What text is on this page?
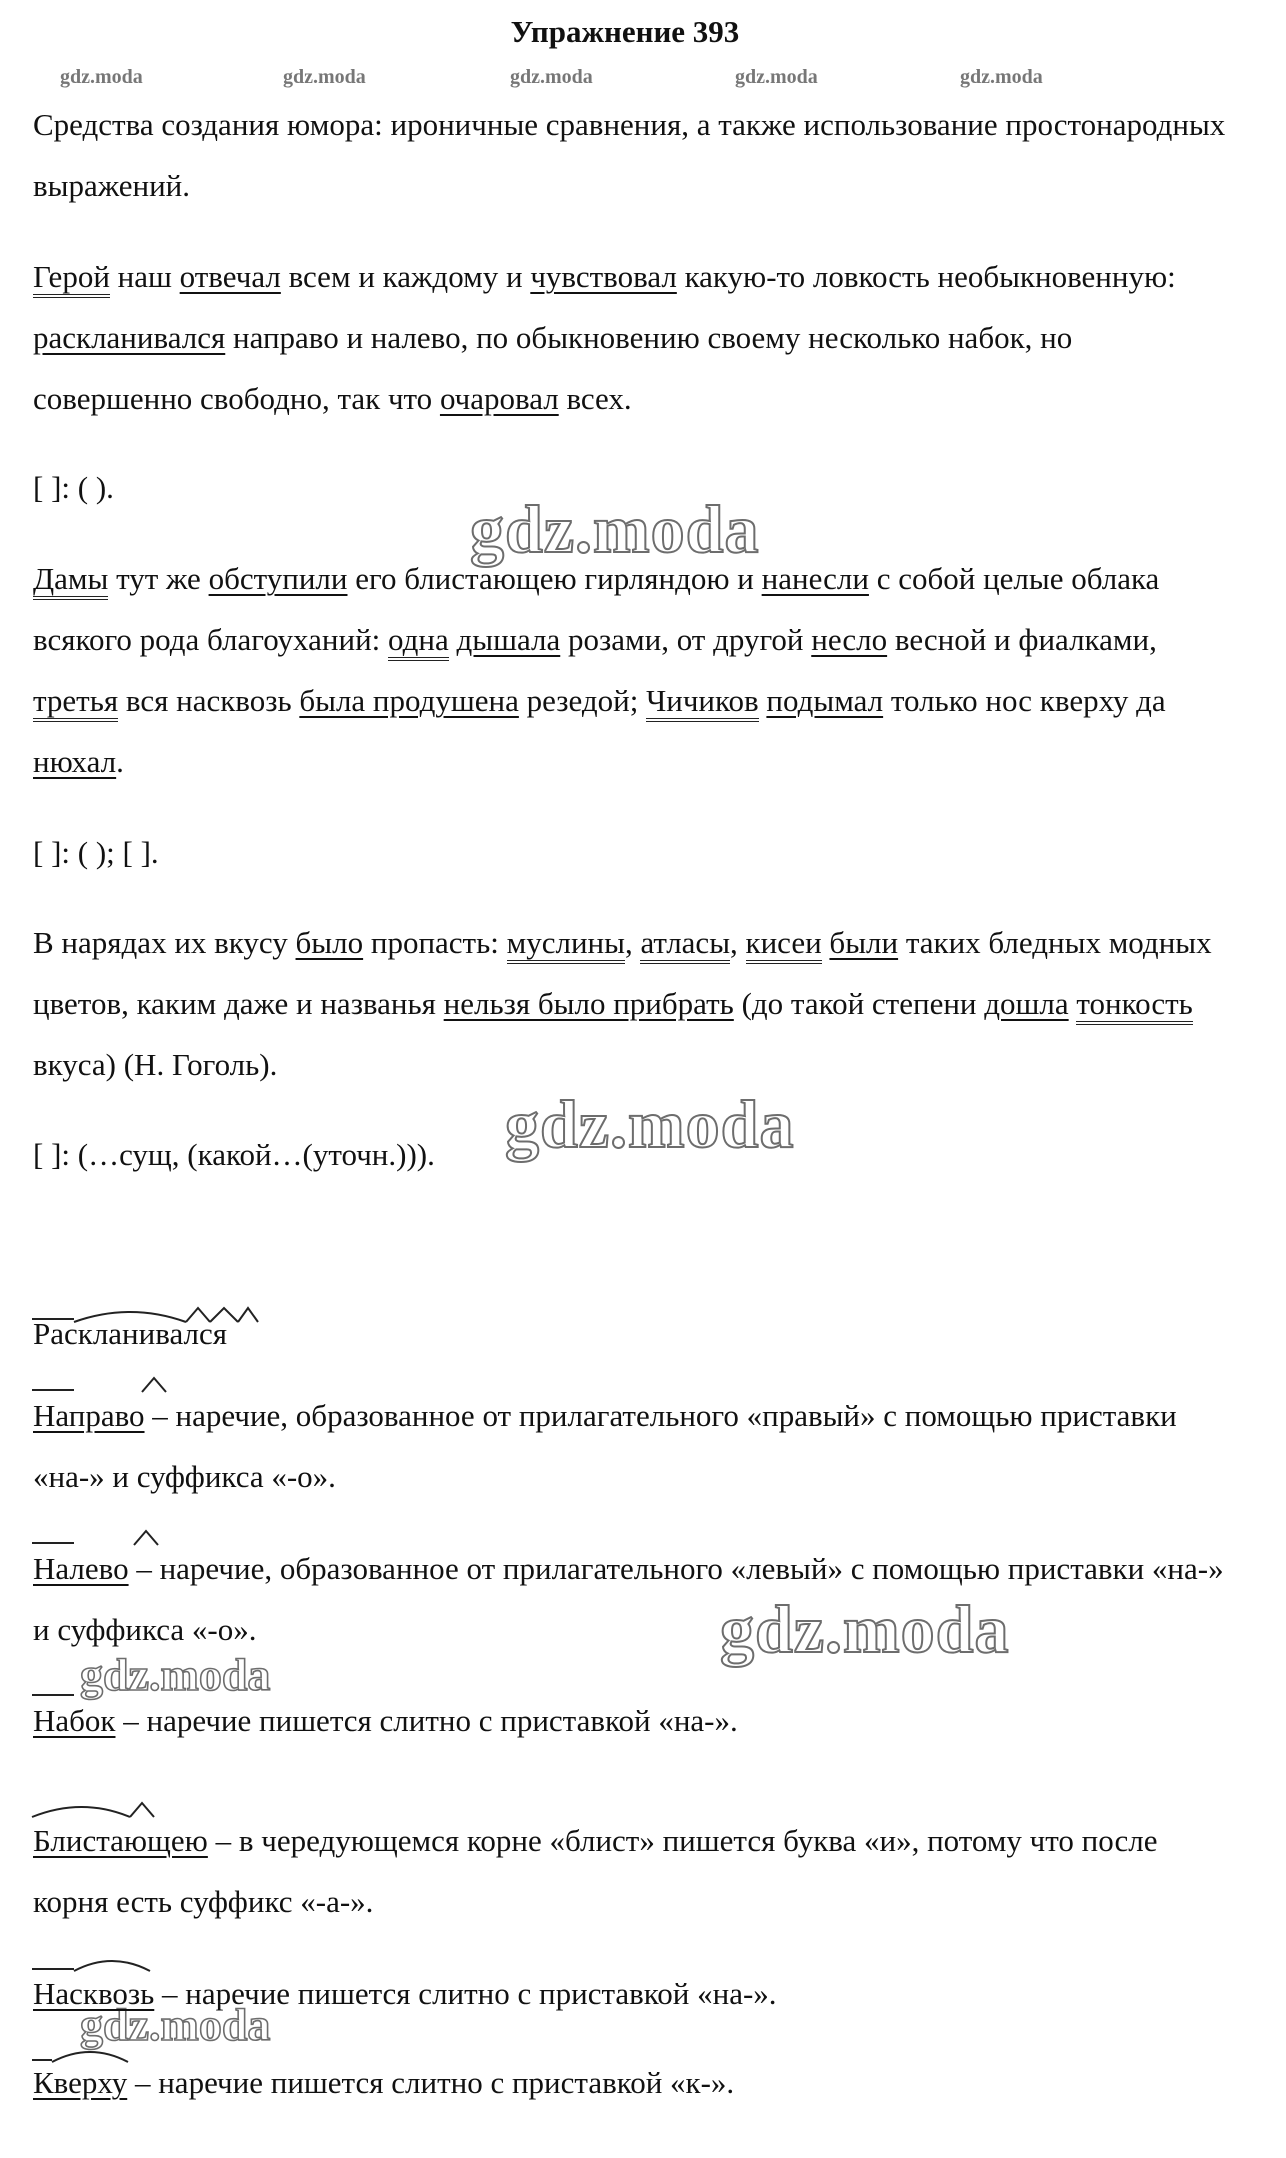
Упражнение 393
gdz.moda	gdz.moda	gdz.moda	gdz.moda	gdz.moda

Средства создания юмора: ироничные сравнения, а также использование простонародных выражений.

Герой наш отвечал всем и каждому и чувствовал какую-то ловкость необыкновенную: раскланивался направо и налево, по обыкновению своему несколько набок, но совершенно свободно, так что очаровал всех.

[ ]: ( ).

Дамы тут же обступили его блистающею гирляндою и нанесли с собой целые облака всякого рода благоуханий: одна дышала розами, от другой несло весной и фиалками, третья вся насквозь была продушена резедой; Чичиков подымал только нос кверху да нюхал.

[ ]: ( ); [ ].

В нарядах их вкусу было пропасть: муслины, атласы, кисеи были таких бледных модных цветов, каким даже и названья нельзя было прибрать (до такой степени дошла тонкость вкуса) (Н. Гоголь).

[ ]: (…сущ, (какой…(уточн.))).
gdz.moda
gdz.moda
gdz.moda
gdz.moda
gdz.moda
Раскланивался

Направо – наречие, образованное от прилагательного «правый» с помощью приставки «на-» и суффикса «-о».

Налево – наречие, образованное от прилагательного «левый» с помощью приставки «на-» и суффикса «-о».

Набок – наречие пишется слитно с приставкой «на-».

Блистающею – в чередующемся корне «блист» пишется буква «и», потому что после корня есть суффикс «-а-».

Насквозь – наречие пишется слитно с приставкой «на-».

Кверху – наречие пишется слитно с приставкой «к-».
